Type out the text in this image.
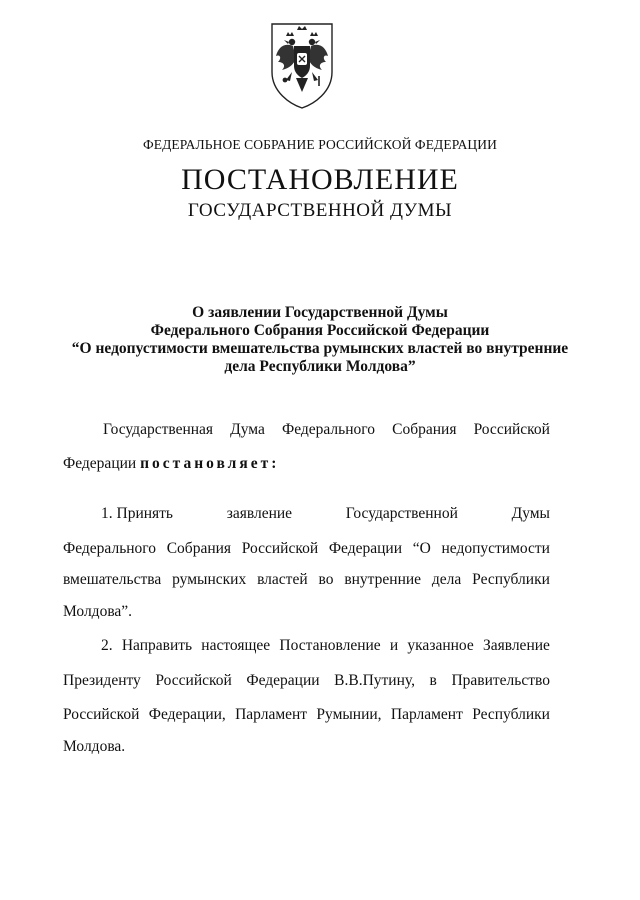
ФЕДЕРАЛЬНОЕ СОБРАНИЕ РОССИЙСКОЙ ФЕДЕРАЦИИ
ПОСТАНОВЛЕНИЕ
ГОСУДАРСТВЕННОЙ ДУМЫ
О заявлении Государственной Думы
Федерального Собрания Российской Федерации
“О недопустимости вмешательства румынских властей во внутренние
дела Республики Молдова”
Государственная Дума Федерального Собрания Российской
Федерации постановляет:
1. Принять	заявление	Государственной	Думы
Федерального Собрания Российской Федерации “О недопустимости
вмешательства румынских властей во внутренние дела Республики
Молдова”.
2. Направить настоящее Постановление и указанное Заявление
Президенту Российской Федерации В.В.Путину, в Правительство
Российской Федерации, Парламент Румынии, Парламент Республики
Молдова.
